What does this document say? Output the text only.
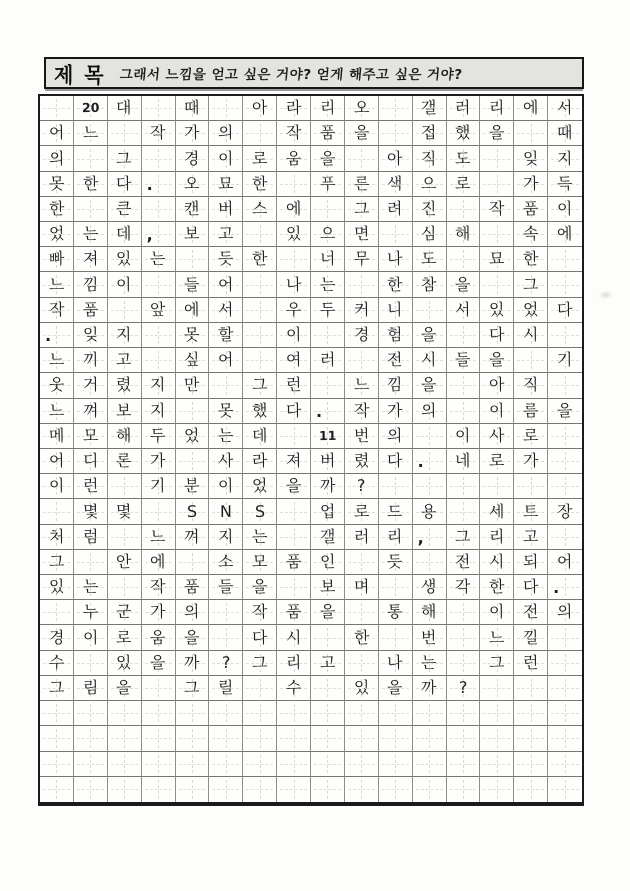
제 목 그래서 느낌을 얻고 싶은 거야? 얻게 해주고 싶은 거야?
20 대	때	아 라 리 오	갤 러 리 에 서
어 느	작 가 의	작 품 을	접 했 을	때
의	그	경 이 로 움 을	아 직 도	잊 지
못 한 다 . 오 묘 한	푸 른 색 으 로	가 득
한	큰	캔 버 스 에	그 려 진	작 품 이
었 는 데 , 보 고	있 으 면	심 해	속 에
빠 져 있 는	듯 한	너 무 나 도	묘 한
느 낌 이	들 어	나 는	한 참 을	그
작 품	앞 에 서	우 두 커 니	서 있 었 다
. 잊 지	못 할	이	경 험 을	다 시
느 끼 고	싶 어	여 러	전 시 들 을	기
웃 거 렸 지 만	그 런	느 낌 을	아 직
느 껴 보 지	못 했 다 . 작 가 의	이 름 을
메 모 해 두 었 는 데	11 번 의	이 사 로
어 디 론 가	사 라 져 버 렸 다 . 네 로 가
이 런	기 분 이 었 을 까 ?
몇 몇	S N S	업 로 드 용	세 트 장
처 럼	느 껴 지 는	갤 러 리 , 그 리 고
그	안 에	소 모 품 인	듯	전 시 되 어
있 는	작 품 들 을	보 며	생 각 한 다 .
누 군 가 의	작 품 을	통 해	이 전 의
경 이 로 움 을	다 시	한	번	느 낄
수	있 을 까 ? 그 리 고	나 는	그 런
그 림 을	그 릴	수	있 을 까 ?
